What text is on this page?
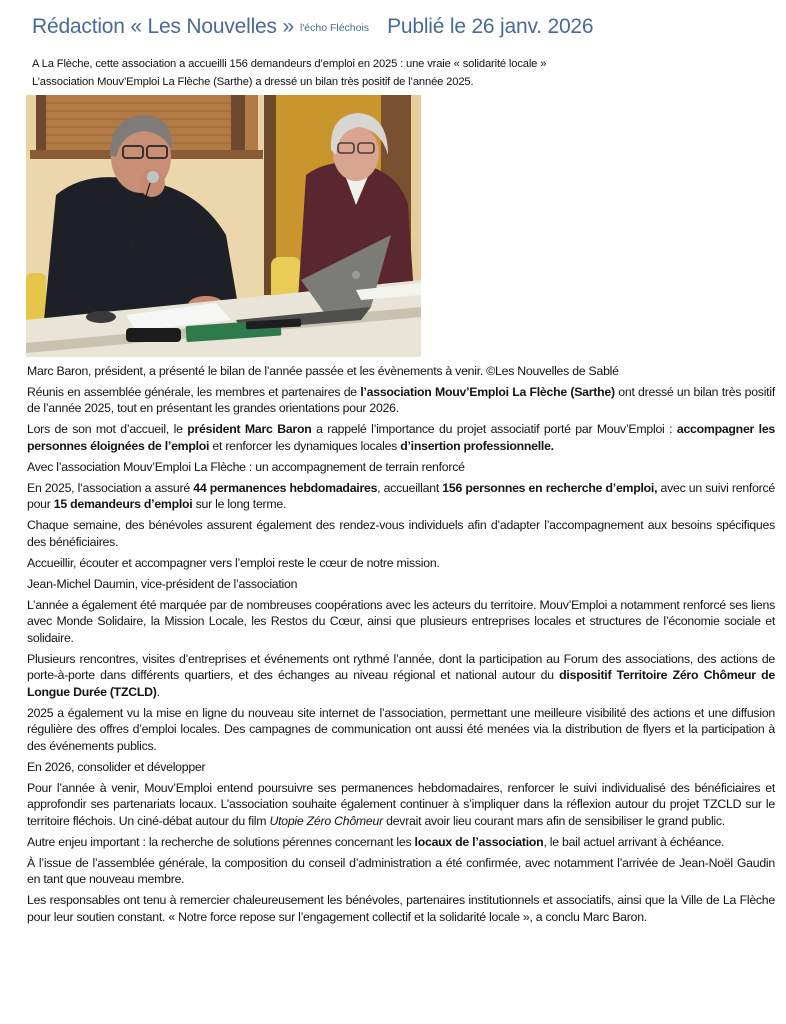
Rédaction « Les Nouvelles » l'écho Fléchois Publié le 26 janv. 2026
A La Flèche, cette association a accueilli 156 demandeurs d’emploi en 2025 : une vraie « solidarité locale »
L’association Mouv’Emploi La Flèche (Sarthe) a dressé un bilan très positif de l’année 2025.

Marc Baron, président, a présenté le bilan de l’année passée et les évènements à venir. ©Les Nouvelles de Sablé

Réunis en assemblée générale, les membres et partenaires de l’association Mouv’Emploi La Flèche (Sarthe) ont dressé un bilan très positif de l’année 2025, tout en présentant les grandes orientations pour 2026.

Lors de son mot d’accueil, le président Marc Baron a rappelé l’importance du projet associatif porté par Mouv’Emploi : accompagner les personnes éloignées de l’emploi et renforcer les dynamiques locales d’insertion professionnelle.

Avec l’association Mouv’Emploi La Flèche : un accompagnement de terrain renforcé

En 2025, l’association a assuré 44 permanences hebdomadaires, accueillant 156 personnes en recherche d’emploi, avec un suivi renforcé pour 15 demandeurs d’emploi sur le long terme.

Chaque semaine, des bénévoles assurent également des rendez-vous individuels afin d’adapter l’accompagnement aux besoins spécifiques des bénéficiaires.

Accueillir, écouter et accompagner vers l’emploi reste le cœur de notre mission.

Jean-Michel Daumin, vice-président de l’association

L’année a également été marquée par de nombreuses coopérations avec les acteurs du territoire. Mouv’Emploi a notamment renforcé ses liens avec Monde Solidaire, la Mission Locale, les Restos du Cœur, ainsi que plusieurs entreprises locales et structures de l’économie sociale et solidaire.

Plusieurs rencontres, visites d’entreprises et événements ont rythmé l’année, dont la participation au Forum des associations, des actions de porte-à-porte dans différents quartiers, et des échanges au niveau régional et national autour du dispositif Territoire Zéro Chômeur de Longue Durée (TZCLD).

2025 a également vu la mise en ligne du nouveau site internet de l’association, permettant une meilleure visibilité des actions et une diffusion régulière des offres d’emploi locales. Des campagnes de communication ont aussi été menées via la distribution de flyers et la participation à des événements publics.

En 2026, consolider et développer

Pour l’année à venir, Mouv’Emploi entend poursuivre ses permanences hebdomadaires, renforcer le suivi individualisé des bénéficiaires et approfondir ses partenariats locaux. L’association souhaite également continuer à s’impliquer dans la réflexion autour du projet TZCLD sur le territoire fléchois. Un ciné-débat autour du film Utopie Zéro Chômeur devrait avoir lieu courant mars afin de sensibiliser le grand public.

Autre enjeu important : la recherche de solutions pérennes concernant les locaux de l’association, le bail actuel arrivant à échéance.

À l’issue de l’assemblée générale, la composition du conseil d’administration a été confirmée, avec notamment l’arrivée de Jean-Noël Gaudin en tant que nouveau membre.

Les responsables ont tenu à remercier chaleureusement les bénévoles, partenaires institutionnels et associatifs, ainsi que la Ville de La Flèche pour leur soutien constant. « Notre force repose sur l’engagement collectif et la solidarité locale », a conclu Marc Baron.
